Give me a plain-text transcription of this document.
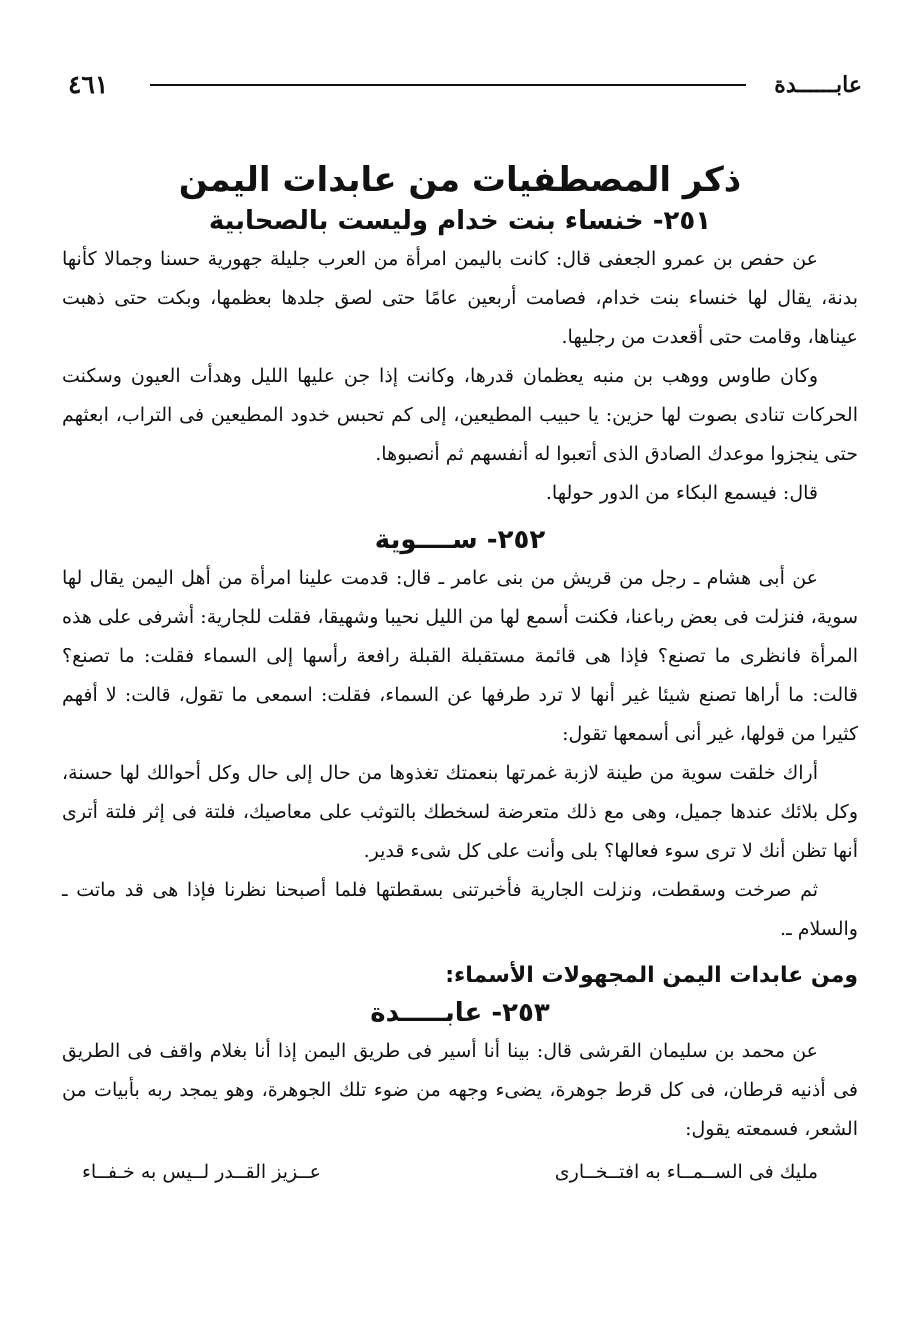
٤٦١	عابــــــدة
ذكر المصطفيات من عابدات اليمن
٢٥١- خنساء بنت خدام وليست بالصحابية

عن حفص بن عمرو الجعفى قال: كانت باليمن امرأة من العرب جليلة جهورية حسنا وجمالا كأنها بدنة، يقال لها خنساء بنت خدام، فصامت أربعين عامًا حتى لصق جلدها بعظمها، وبكت حتى ذهبت عيناها، وقامت حتى أقعدت من رجليها.

وكان طاوس ووهب بن منبه يعظمان قدرها، وكانت إذا جن عليها الليل وهدأت العيون وسكنت الحركات تنادى بصوت لها حزين: يا حبيب المطيعين، إلى كم تحبس خدود المطيعين فى التراب، ابعثهم حتى ينجزوا موعدك الصادق الذى أتعبوا له أنفسهم ثم أنصبوها.

قال: فيسمع البكاء من الدور حولها.

٢٥٢- ســــوية

عن أبى هشام ـ رجل من قريش من بنى عامر ـ قال: قدمت علينا امرأة من أهل اليمن يقال لها سوية، فنزلت فى بعض رباعنا، فكنت أسمع لها من الليل نحيبا وشهيقا، فقلت للجارية: أشرفى على هذه المرأة فانظرى ما تصنع؟ فإذا هى قائمة مستقبلة القبلة رافعة رأسها إلى السماء فقلت: ما تصنع؟ قالت: ما أراها تصنع شيئا غير أنها لا ترد طرفها عن السماء، فقلت: اسمعى ما تقول، قالت: لا أفهم كثيرا من قولها، غير أنى أسمعها تقول:

أراك خلقت سوية من طينة لازبة غمرتها بنعمتك تغذوها من حال إلى حال وكل أحوالك لها حسنة، وكل بلائك عندها جميل، وهى مع ذلك متعرضة لسخطك بالتوثب على معاصيك، فلتة فى إثر فلتة أترى أنها تظن أنك لا ترى سوء فعالها؟ بلى وأنت على كل شىء قدير.

ثم صرخت وسقطت، ونزلت الجارية فأخبرتنى بسقطتها فلما أصبحنا نظرنا فإذا هى قد ماتت ـ والسلام ـ.

ومن عابدات اليمن المجهولات الأسماء:
٢٥٣- عابـــــدة

عن محمد بن سليمان القرشى قال: بينا أنا أسير فى طريق اليمن إذا أنا بغلام واقف فى الطريق فى أذنيه قرطان، فى كل قرط جوهرة، يضىء وجهه من ضوء تلك الجوهرة، وهو يمجد ربه بأبيات من الشعر، فسمعته يقول:

مليك فى الســمــاء به افتــخــارى
عــزيز القــدر لــيس به خـفــاء
